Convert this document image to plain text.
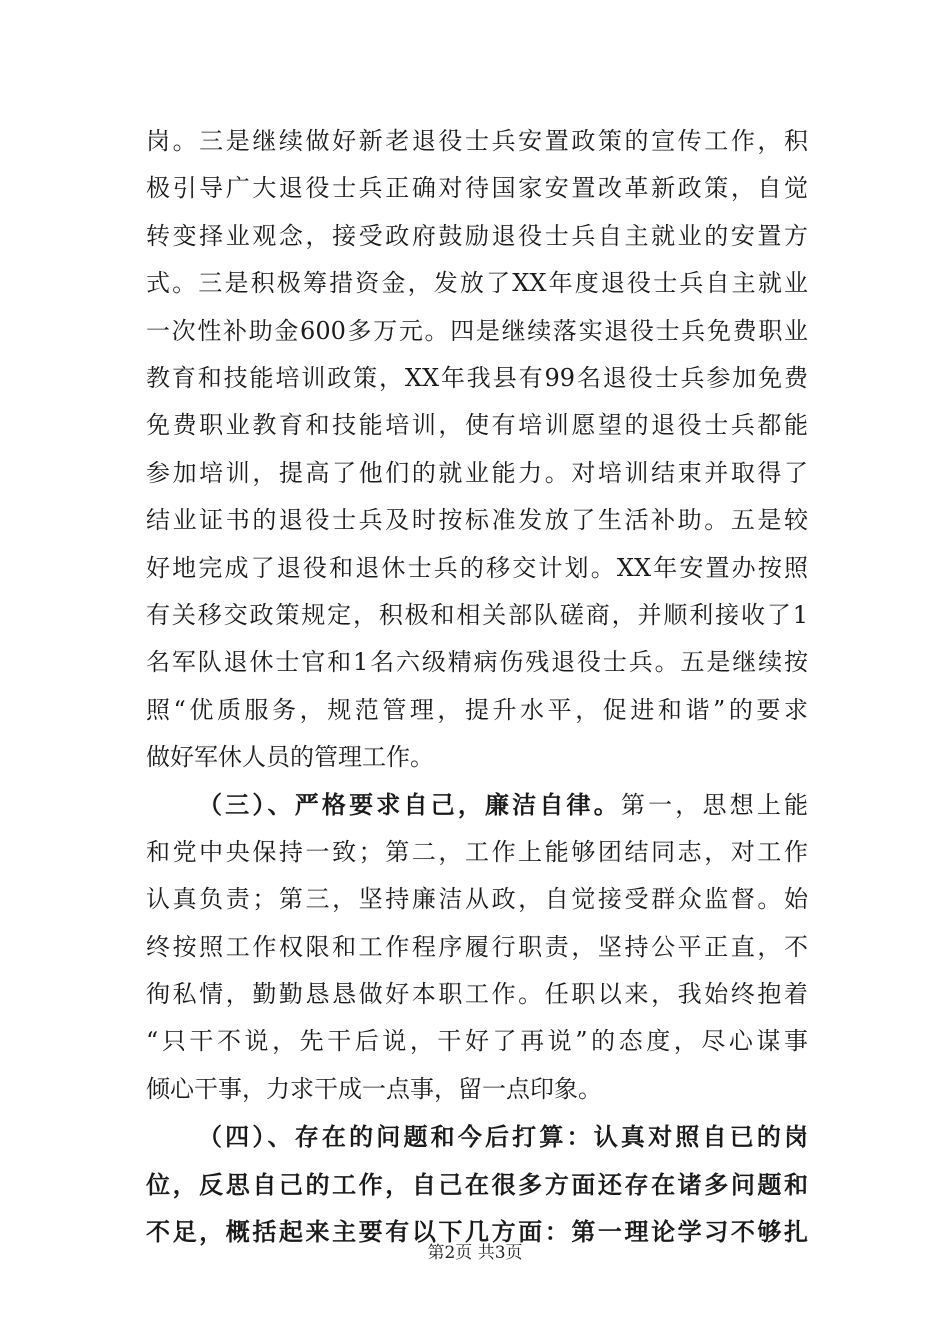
岗。三是继续做好新老退役士兵安置政策的宣传工作，积
极引导广大退役士兵正确对待国家安置改革新政策，自觉
转变择业观念，接受政府鼓励退役士兵自主就业的安置方
式。三是积极筹措资金，发放了XX年度退役士兵自主就业
一次性补助金600多万元。四是继续落实退役士兵免费职业
教育和技能培训政策，XX年我县有99名退役士兵参加免费
免费职业教育和技能培训，使有培训愿望的退役士兵都能
参加培训，提高了他们的就业能力。对培训结束并取得了
结业证书的退役士兵及时按标准发放了生活补助。五是较
好地完成了退役和退休士兵的移交计划。XX年安置办按照
有关移交政策规定，积极和相关部队磋商，并顺利接收了1
名军队退休士官和1名六级精病伤残退役士兵。五是继续按
照“优质服务，规范管理，提升水平，促进和谐”的要求
做好军休人员的管理工作。
（三）、严格要求自己，廉洁自律。第一，思想上能
和党中央保持一致；第二，工作上能够团结同志，对工作
认真负责；第三，坚持廉洁从政，自觉接受群众监督。始
终按照工作权限和工作程序履行职责，坚持公平正直，不
徇私情，勤勤恳恳做好本职工作。任职以来，我始终抱着
“只干不说，先干后说，干好了再说”的态度，尽心谋事
倾心干事，力求干成一点事，留一点印象。
（四）、存在的问题和今后打算：认真对照自已的岗
位，反思自己的工作，自己在很多方面还存在诸多问题和
不足，概括起来主要有以下几方面：第一理论学习不够扎
第2页 共3页
